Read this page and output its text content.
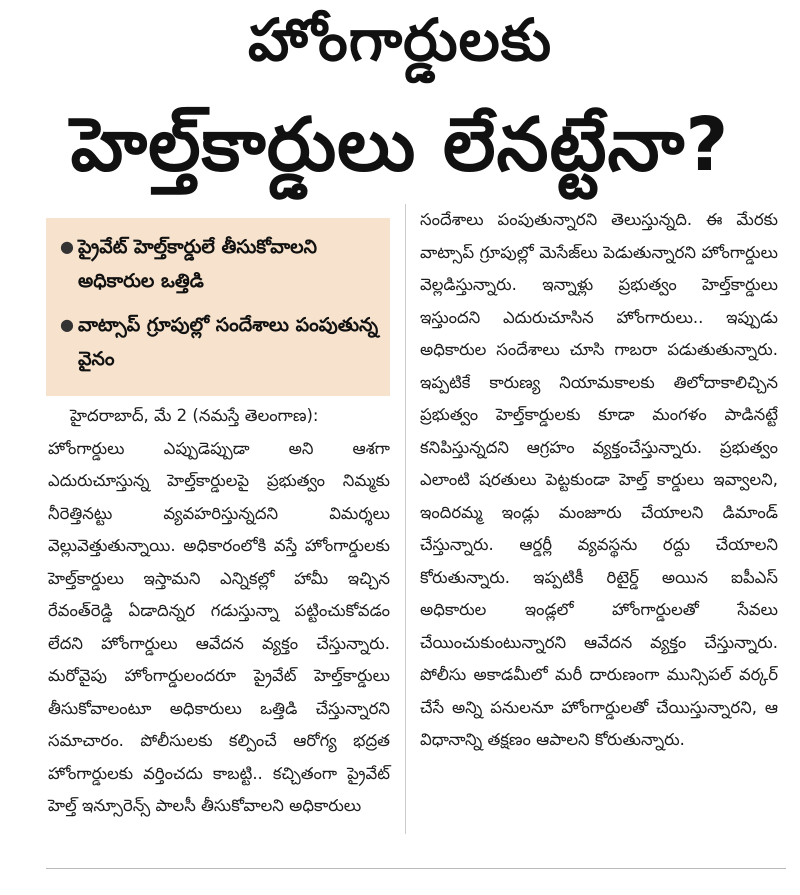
హోంగార్డులకు
హెల్త్‌కార్డులు లేనట్టేనా?
● ప్రైవేట్ హెల్త్‌కార్డులే తీసుకోవాలని అధికారుల ఒత్తిడి
● వాట్సాప్ గ్రూపుల్లో సందేశాలు పంపుతున్న వైనం

హైదరాబాద్, మే 2 (నమస్తే తెలంగాణ):

హోంగార్డులు ఎప్పుడెప్పుడా అని ఆశగా ఎదురుచూస్తున్న హెల్త్‌కార్డులపై ప్రభుత్వం నిమ్మకు నీరెత్తినట్టు వ్యవహరిస్తున్నదని విమర్శలు వెల్లువెత్తుతున్నాయి. అధికారంలోకి వస్తే హోంగార్డులకు హెల్త్‌కార్డులు ఇస్తామని ఎన్నికల్లో హామీ ఇచ్చిన రేవంత్‌రెడ్డి ఏడాదిన్నర గడుస్తున్నా పట్టించుకోవడం లేదని హోంగార్డులు ఆవేదన వ్యక్తం చేస్తున్నారు. మరోవైపు హోంగార్డులందరూ ప్రైవేట్ హెల్త్‌కార్డులు తీసుకోవాలంటూ అధికారులు ఒత్తిడి చేస్తున్నారని సమాచారం. పోలీసులకు కల్పించే ఆరోగ్య భద్రత హోంగార్డులకు వర్తించదు కాబట్టి.. కచ్చితంగా ప్రైవేట్ హెల్త్ ఇన్సూరెన్స్ పాలసీ తీసుకోవాలని అధికారులు

సందేశాలు పంపుతున్నారని తెలుస్తున్నది. ఈ మేరకు వాట్సాప్ గ్రూపుల్లో మెసేజ్‌లు పెడుతున్నారని హోంగార్డులు వెల్లడిస్తున్నారు. ఇన్నాళ్లు ప్రభుత్వం హెల్త్‌కార్డులు ఇస్తుందని ఎదురుచూసిన హోంగారులు.. ఇప్పుడు అధికారుల సందేశాలు చూసి గాబరా పడుతుతున్నారు. ఇప్పటికే కారుణ్య నియామకాలకు తిలోదాకాలిచ్చిన ప్రభుత్వం హెల్త్‌కార్డులకు కూడా మంగళం పాడినట్టే కనిపిస్తున్నదని ఆగ్రహం వ్యక్తంచేస్తున్నారు. ప్రభుత్వం ఎలాంటి షరతులు పెట్టకుండా హెల్త్ కార్డులు ఇవ్వాలని, ఇందిరమ్మ ఇండ్లు మంజూరు చేయాలని డిమాండ్ చేస్తున్నారు. ఆర్డర్లీ వ్యవస్థను రద్దు చేయాలని కోరుతున్నారు. ఇప్పటికీ రిటైర్డ్ అయిన ఐపీఎస్ అధికారుల ఇండ్లలో హోంగార్డులతో సేవలు చేయించుకుంటున్నారని ఆవేదన వ్యక్తం చేస్తున్నారు. పోలీసు అకాడమీలో మరీ దారుణంగా మున్సిపల్ వర్కర్ చేసే అన్ని పనులనూ హోంగార్డులతో చేయిస్తున్నారని, ఆ విధానాన్ని తక్షణం ఆపాలని కోరుతున్నారు.
